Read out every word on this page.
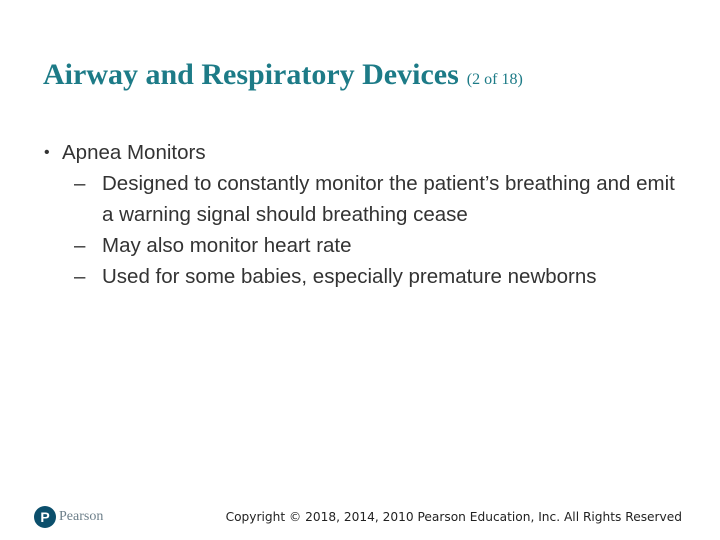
Airway and Respiratory Devices (2 of 18)
• Apnea Monitors
– Designed to constantly monitor the patient’s breathing and emit a warning signal should breathing cease
– May also monitor heart rate
– Used for some babies, especially premature newborns
P Pearson	Copyright © 2018, 2014, 2010 Pearson Education, Inc. All Rights Reserved
